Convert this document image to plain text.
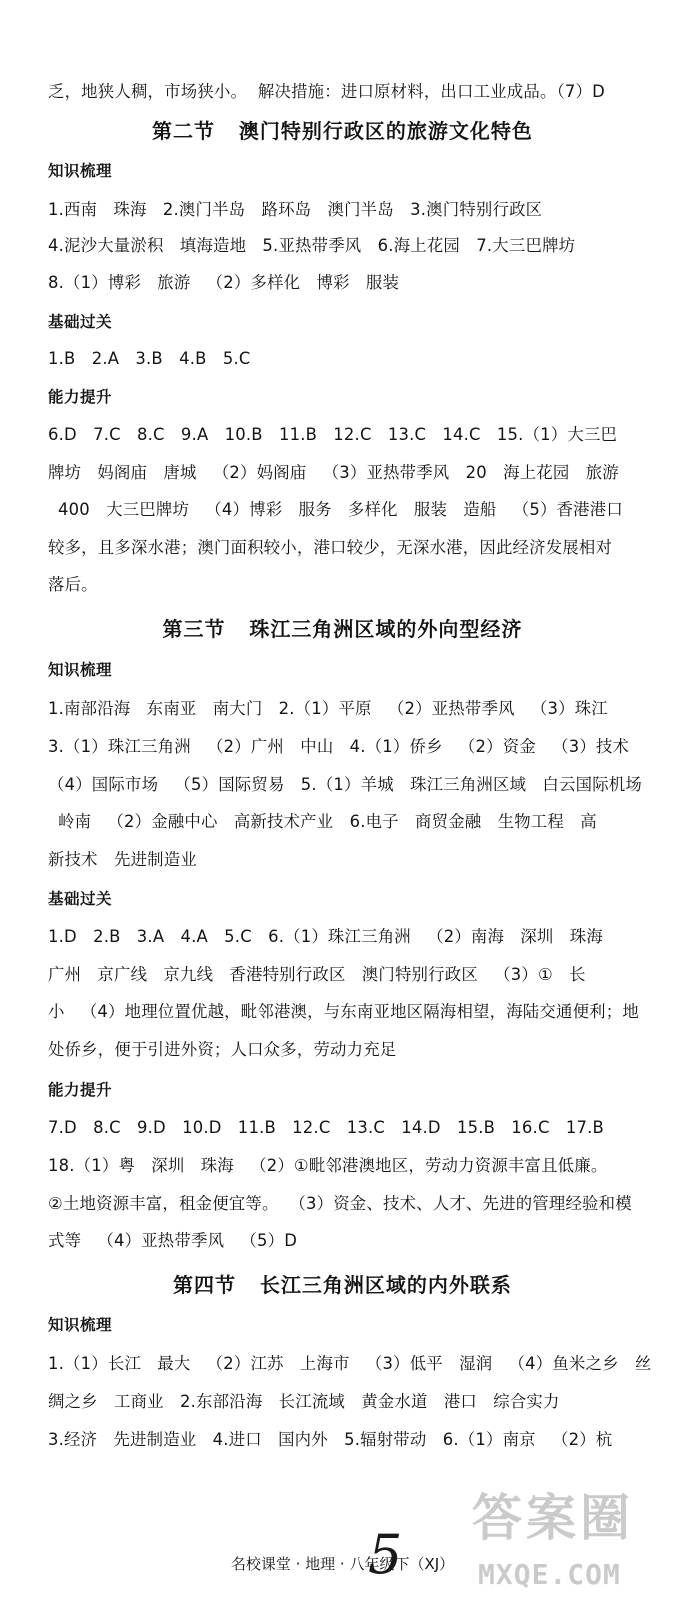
乏，地狭人稠，市场狭小。  解决措施：进口原材料，出口工业成品。（7）D
第二节   澳门特别行政区的旅游文化特色
知识梳理
1.西南   珠海   2.澳门半岛   路环岛   澳门半岛   3.澳门特别行政区
4.泥沙大量淤积   填海造地   5.亚热带季风   6.海上花园   7.大三巴牌坊
8.（1）博彩   旅游   （2）多样化   博彩   服装
基础过关
1.B   2.A   3.B   4.B   5.C
能力提升
6.D   7.C   8.C   9.A   10.B   11.B   12.C   13.C   14.C   15.（1）大三巴
牌坊   妈阁庙   唐城   （2）妈阁庙   （3）亚热带季风   20   海上花园   旅游
400   大三巴牌坊   （4）博彩   服务   多样化   服装   造船   （5）香港港口
较多，且多深水港；澳门面积较小，港口较少，无深水港，因此经济发展相对
落后。
第三节   珠江三角洲区域的外向型经济
知识梳理
1.南部沿海   东南亚   南大门   2.（1）平原   （2）亚热带季风   （3）珠江
3.（1）珠江三角洲   （2）广州   中山   4.（1）侨乡   （2）资金   （3）技术
（4）国际市场   （5）国际贸易   5.（1）羊城   珠江三角洲区域   白云国际机场
岭南   （2）金融中心   高新技术产业   6.电子   商贸金融   生物工程   高
新技术   先进制造业
基础过关
1.D   2.B   3.A   4.A   5.C   6.（1）珠江三角洲   （2）南海   深圳   珠海
广州   京广线   京九线   香港特别行政区   澳门特别行政区   （3）①   长
小   （4）地理位置优越，毗邻港澳，与东南亚地区隔海相望，海陆交通便利；地
处侨乡，便于引进外资；人口众多，劳动力充足
能力提升
7.D   8.C   9.D   10.D   11.B   12.C   13.C   14.D   15.B   16.C   17.B
18.（1）粤   深圳   珠海   （2）①毗邻港澳地区，劳动力资源丰富且低廉。
②土地资源丰富，租金便宜等。  （3）资金、技术、人才、先进的管理经验和模
式等   （4）亚热带季风   （5）D
第四节   长江三角洲区域的内外联系
知识梳理
1.（1）长江   最大   （2）江苏   上海市   （3）低平   湿润   （4）鱼米之乡   丝
绸之乡   工商业   2.东部沿海   长江流域   黄金水道   港口   综合实力
3.经济   先进制造业   4.进口   国内外   5.辐射带动   6.（1）南京   （2）杭
5
名校课堂 · 地理 · 八年级下（XJ）
答案圈
MXQE.COM
